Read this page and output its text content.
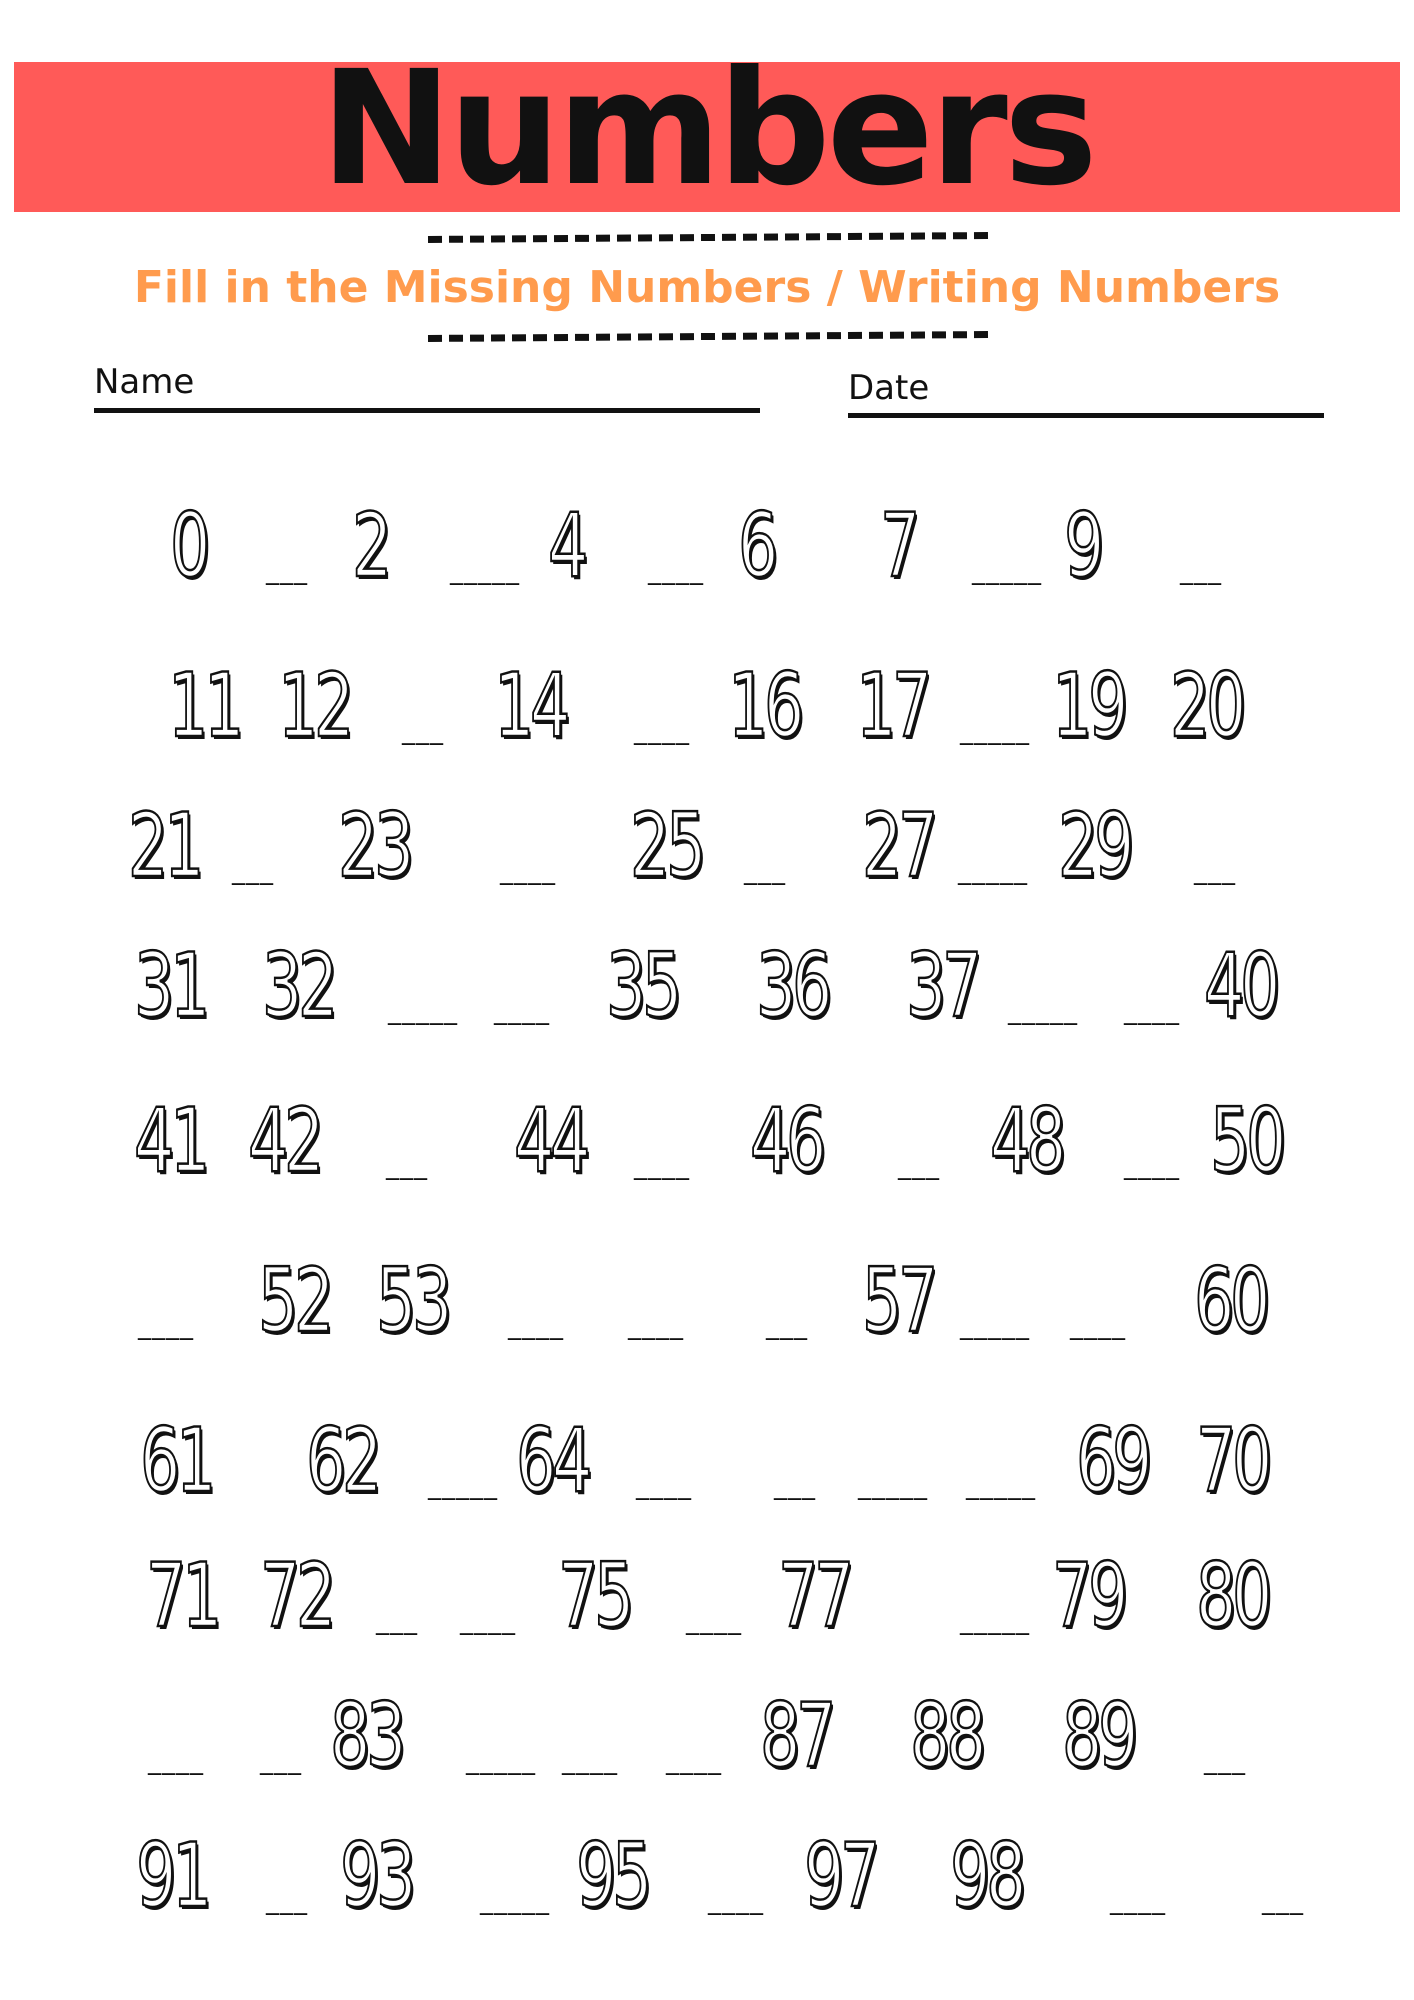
Numbers
Fill in the Missing Numbers / Writing Numbers
Name	Date
0 ___ 2 _____ 4 ____ 6 7 _____ 9	___
11 12 ___ 14	____ 16 17 _____ 19 20
21 ___ 23	____ 25 ___ 27 _____ 29 ___
31 32 _____ ____ 35 36 37 _____ ____ 40
41 42	___ 44 ____ 46	___ 48 ____ 50
____ 52 53 ____ ____	___ 57 _____ ____ 60
61 62 _____ 64 ____	___ _____ _____ 69 70
71 72 ___ ____ 75 ____ 77	_____ 79 80
____ ___ 83 _____ ____ ____ 87 88 89	___
91 ___ 93	_____ 95 ____ 97 98	____	___
